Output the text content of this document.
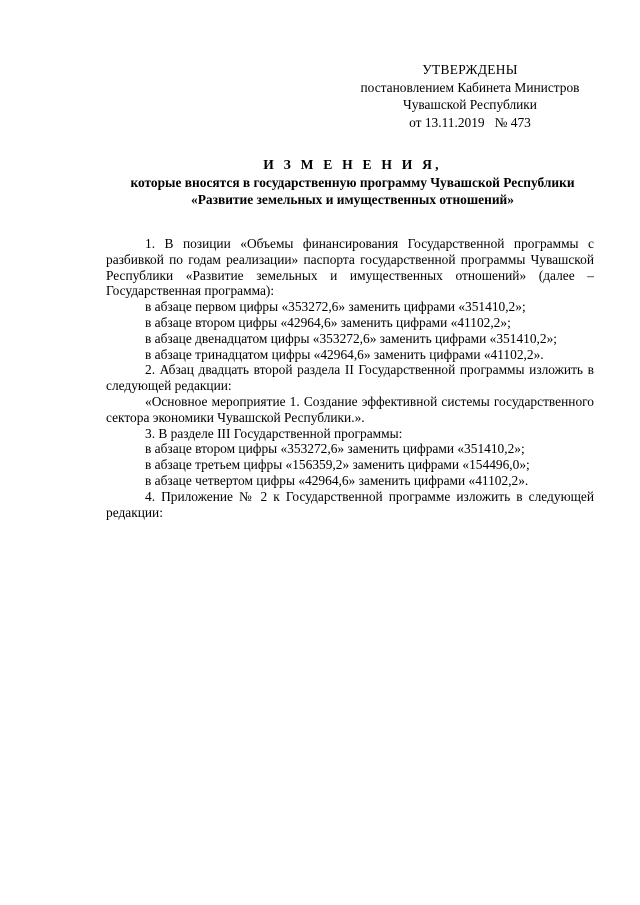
УТВЕРЖДЕНЫ
постановлением Кабинета Министров
Чувашской Республики
от 13.11.2019   № 473
И З М Е Н Е Н И Я,
которые вносятся в государственную программу Чувашской Республики
«Развитие земельных и имущественных отношений»

1. В позиции «Объемы финансирования Государственной программы с разбивкой по годам реализации» паспорта государственной программы Чувашской Республики «Развитие земельных и имущественных отношений» (далее – Государственная программа):

в абзаце первом цифры «353272,6» заменить цифрами «351410,2»;

в абзаце втором цифры «42964,6» заменить цифрами «41102,2»;

в абзаце двенадцатом цифры «353272,6» заменить цифрами «351410,2»;

в абзаце тринадцатом цифры «42964,6» заменить цифрами «41102,2».

2. Абзац двадцать второй раздела II Государственной программы изложить в следующей редакции:

«Основное мероприятие 1. Создание эффективной системы государственного сектора экономики Чувашской Республики.».

3. В разделе III Государственной программы:

в абзаце втором цифры «353272,6» заменить цифрами «351410,2»;

в абзаце третьем цифры «156359,2» заменить цифрами «154496,0»;

в абзаце четвертом цифры «42964,6» заменить цифрами «41102,2».

4. Приложение № 2 к Государственной программе изложить в следующей редакции:
